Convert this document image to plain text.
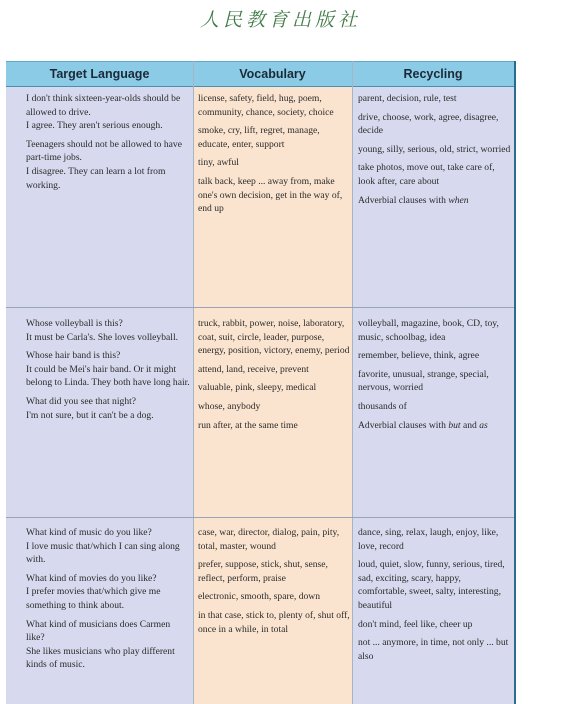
人民教育出版社
Target Language	Vocabulary	Recycling

I don't think sixteen-year-olds should be allowed to drive.
I agree. They aren't serious enough.

Teenagers should not be allowed to have part-time jobs.
I disagree. They can learn a lot from working.

license, safety, field, hug, poem, community, chance, society, choice

smoke, cry, lift, regret, manage, educate, enter, support

tiny, awful

talk back, keep ... away from, make one's own decision, get in the way of, end up

parent, decision, rule, test

drive, choose, work, agree, disagree, decide

young, silly, serious, old, strict, worried

take photos, move out, take care of, look after, care about

Adverbial clauses with when

Whose volleyball is this?
It must be Carla's. She loves volleyball.

Whose hair band is this?
It could be Mei's hair band. Or it might belong to Linda. They both have long hair.

What did you see that night?
I'm not sure, but it can't be a dog.

truck, rabbit, power, noise, laboratory, coat, suit, circle, leader, purpose, energy, position, victory, enemy, period

attend, land, receive, prevent

valuable, pink, sleepy, medical

whose, anybody

run after, at the same time

volleyball, magazine, book, CD, toy, music, schoolbag, idea

remember, believe, think, agree

favorite, unusual, strange, special, nervous, worried

thousands of

Adverbial clauses with but and as

What kind of music do you like?
I love music that/which I can sing along with.

What kind of movies do you like?
I prefer movies that/which give me something to think about.

What kind of musicians does Carmen like?
She likes musicians who play different kinds of music.

case, war, director, dialog, pain, pity, total, master, wound

prefer, suppose, stick, shut, sense, reflect, perform, praise

electronic, smooth, spare, down

in that case, stick to, plenty of, shut off, once in a while, in total

dance, sing, relax, laugh, enjoy, like, love, record

loud, quiet, slow, funny, serious, tired, sad, exciting, scary, happy, comfortable, sweet, salty, interesting, beautiful

don't mind, feel like, cheer up

not ... anymore, in time, not only ... but also
